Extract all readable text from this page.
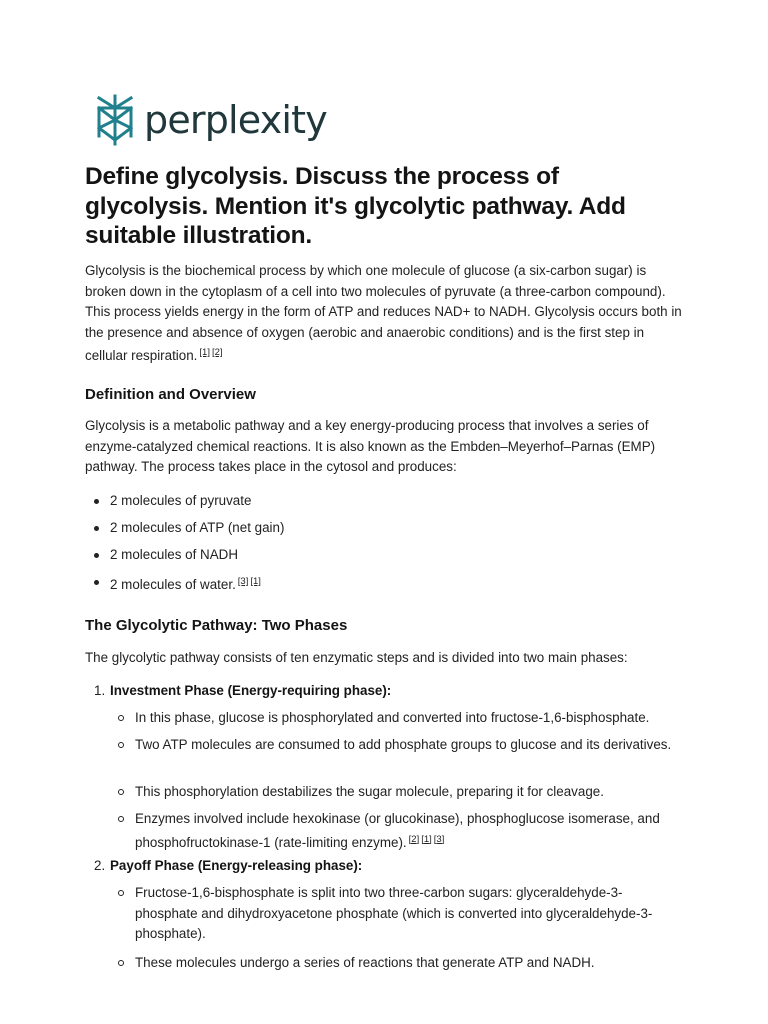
perplexity
Define glycolysis. Discuss the process of glycolysis. Mention it's glycolytic pathway. Add suitable illustration.

Glycolysis is the biochemical process by which one molecule of glucose (a six-carbon sugar) is broken down in the cytoplasm of a cell into two molecules of pyruvate (a three-carbon compound). This process yields energy in the form of ATP and reduces NAD+ to NADH. Glycolysis occurs both in the presence and absence of oxygen (aerobic and anaerobic conditions) and is the first step in cellular respiration. [1] [2]

Definition and Overview

Glycolysis is a metabolic pathway and a key energy-producing process that involves a series of enzyme-catalyzed chemical reactions. It is also known as the Embden–Meyerhof–Parnas (EMP) pathway. The process takes place in the cytosol and produces:

2 molecules of pyruvate
2 molecules of ATP (net gain)
2 molecules of NADH
2 molecules of water. [3] [1]
The Glycolytic Pathway: Two Phases

The glycolytic pathway consists of ten enzymatic steps and is divided into two main phases:

1. Investment Phase (Energy-requiring phase):
In this phase, glucose is phosphorylated and converted into fructose-1,6-bisphosphate.
Two ATP molecules are consumed to add phosphate groups to glucose and its derivatives.
This phosphorylation destabilizes the sugar molecule, preparing it for cleavage.
Enzymes involved include hexokinase (or glucokinase), phosphoglucose isomerase, and phosphofructokinase-1 (rate-limiting enzyme). [2] [1] [3]
2. Payoff Phase (Energy-releasing phase):
Fructose-1,6-bisphosphate is split into two three-carbon sugars: glyceraldehyde-3-phosphate and dihydroxyacetone phosphate (which is converted into glyceraldehyde-3-phosphate).
These molecules undergo a series of reactions that generate ATP and NADH.
